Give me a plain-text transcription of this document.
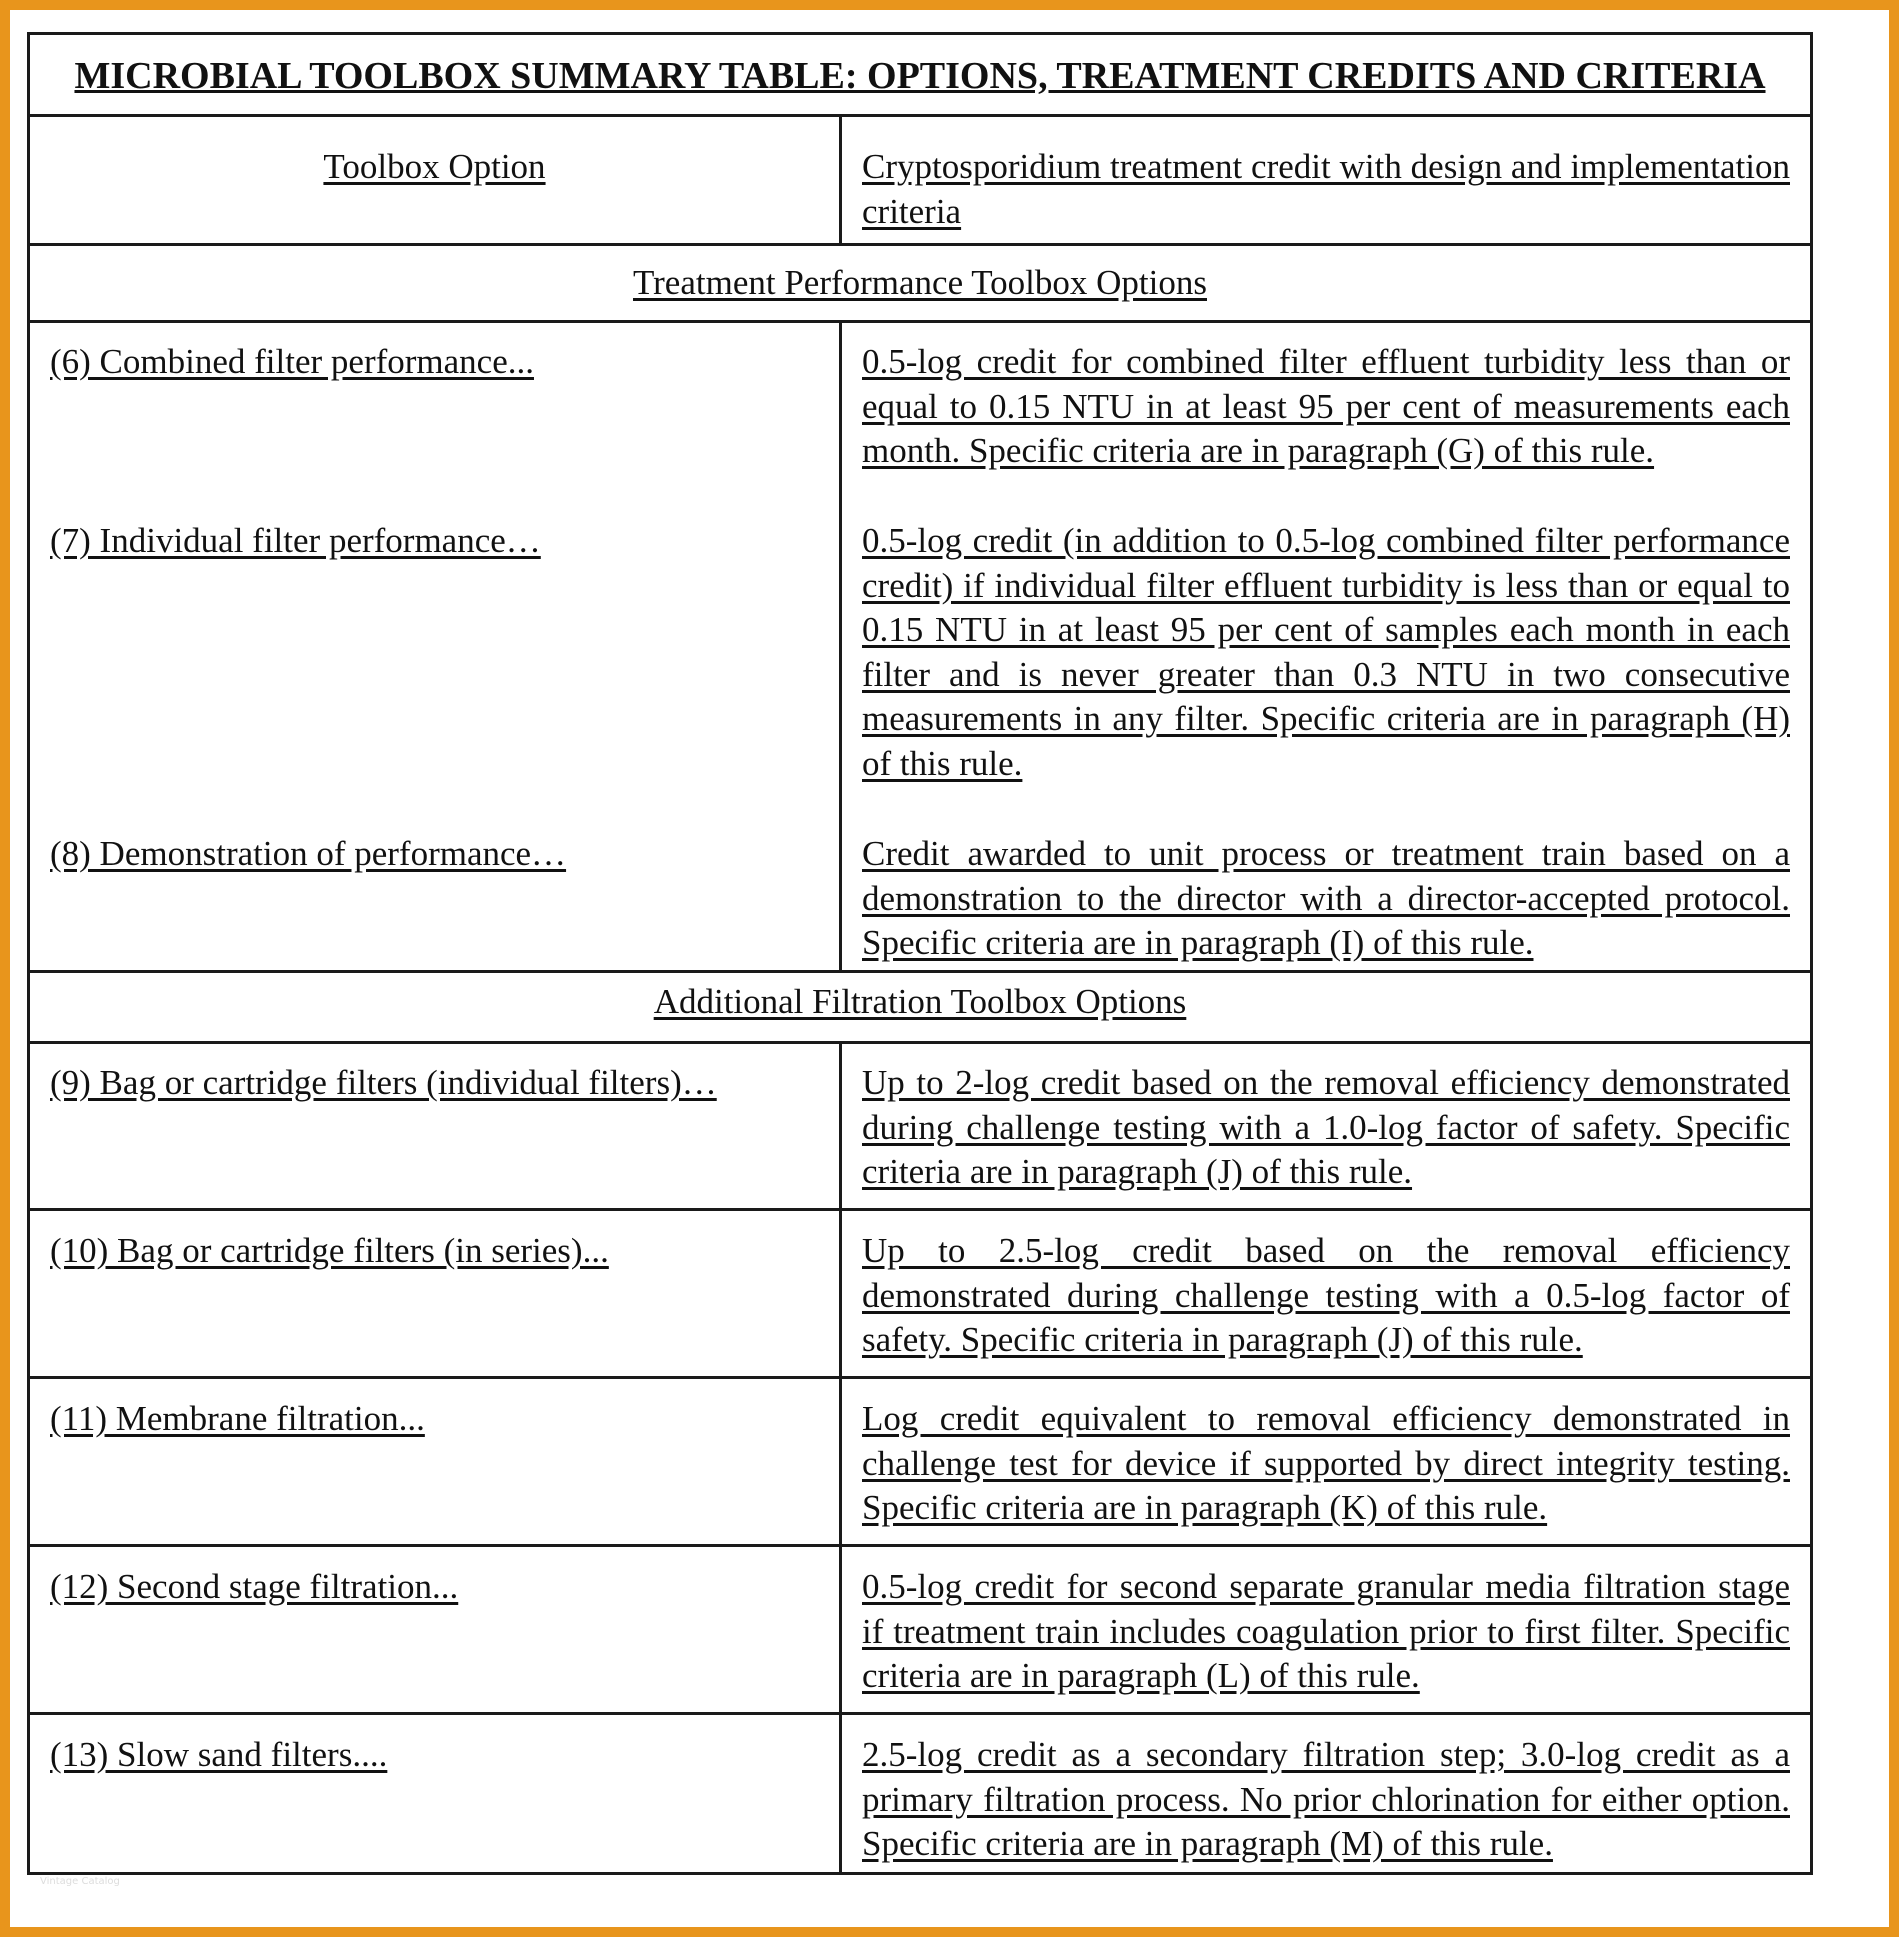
MICROBIAL TOOLBOX SUMMARY TABLE: OPTIONS, TREATMENT CREDITS AND CRITERIA
Toolbox Option	Cryptosporidium treatment credit with design and implementation criteria
Treatment Performance Toolbox Options
(6) Combined filter performance...	0.5-log credit for combined filter effluent turbidity less than or equal to 0.15 NTU in at least 95 per cent of measurements each month. Specific criteria are in paragraph (G) of this rule.
(7) Individual filter performance…	0.5-log credit (in addition to 0.5-log combined filter performance credit) if individual filter effluent turbidity is less than or equal to 0.15 NTU in at least 95 per cent of samples each month in each filter and is never greater than 0.3 NTU in two consecutive measurements in any filter. Specific criteria are in paragraph (H) of this rule.
(8) Demonstration of performance…	Credit awarded to unit process or treatment train based on a demonstration to the director with a director-accepted protocol. Specific criteria are in paragraph (I) of this rule.
Additional Filtration Toolbox Options
(9) Bag or cartridge filters (individual filters)…	Up to 2-log credit based on the removal efficiency demonstrated during challenge testing with a 1.0-log factor of safety. Specific criteria are in paragraph (J) of this rule.
(10) Bag or cartridge filters (in series)...	Up to 2.5-log credit based on the removal efficiency demonstrated during challenge testing with a 0.5-log factor of safety. Specific criteria in paragraph (J) of this rule.
(11) Membrane filtration...	Log credit equivalent to removal efficiency demonstrated in challenge test for device if supported by direct integrity testing. Specific criteria are in paragraph (K) of this rule.
(12) Second stage filtration...	0.5-log credit for second separate granular media filtration stage if treatment train includes coagulation prior to first filter. Specific criteria are in paragraph (L) of this rule.
(13) Slow sand filters....	2.5-log credit as a secondary filtration step; 3.0-log credit as a primary filtration process. No prior chlorination for either option. Specific criteria are in paragraph (M) of this rule.
Vintage Catalog
